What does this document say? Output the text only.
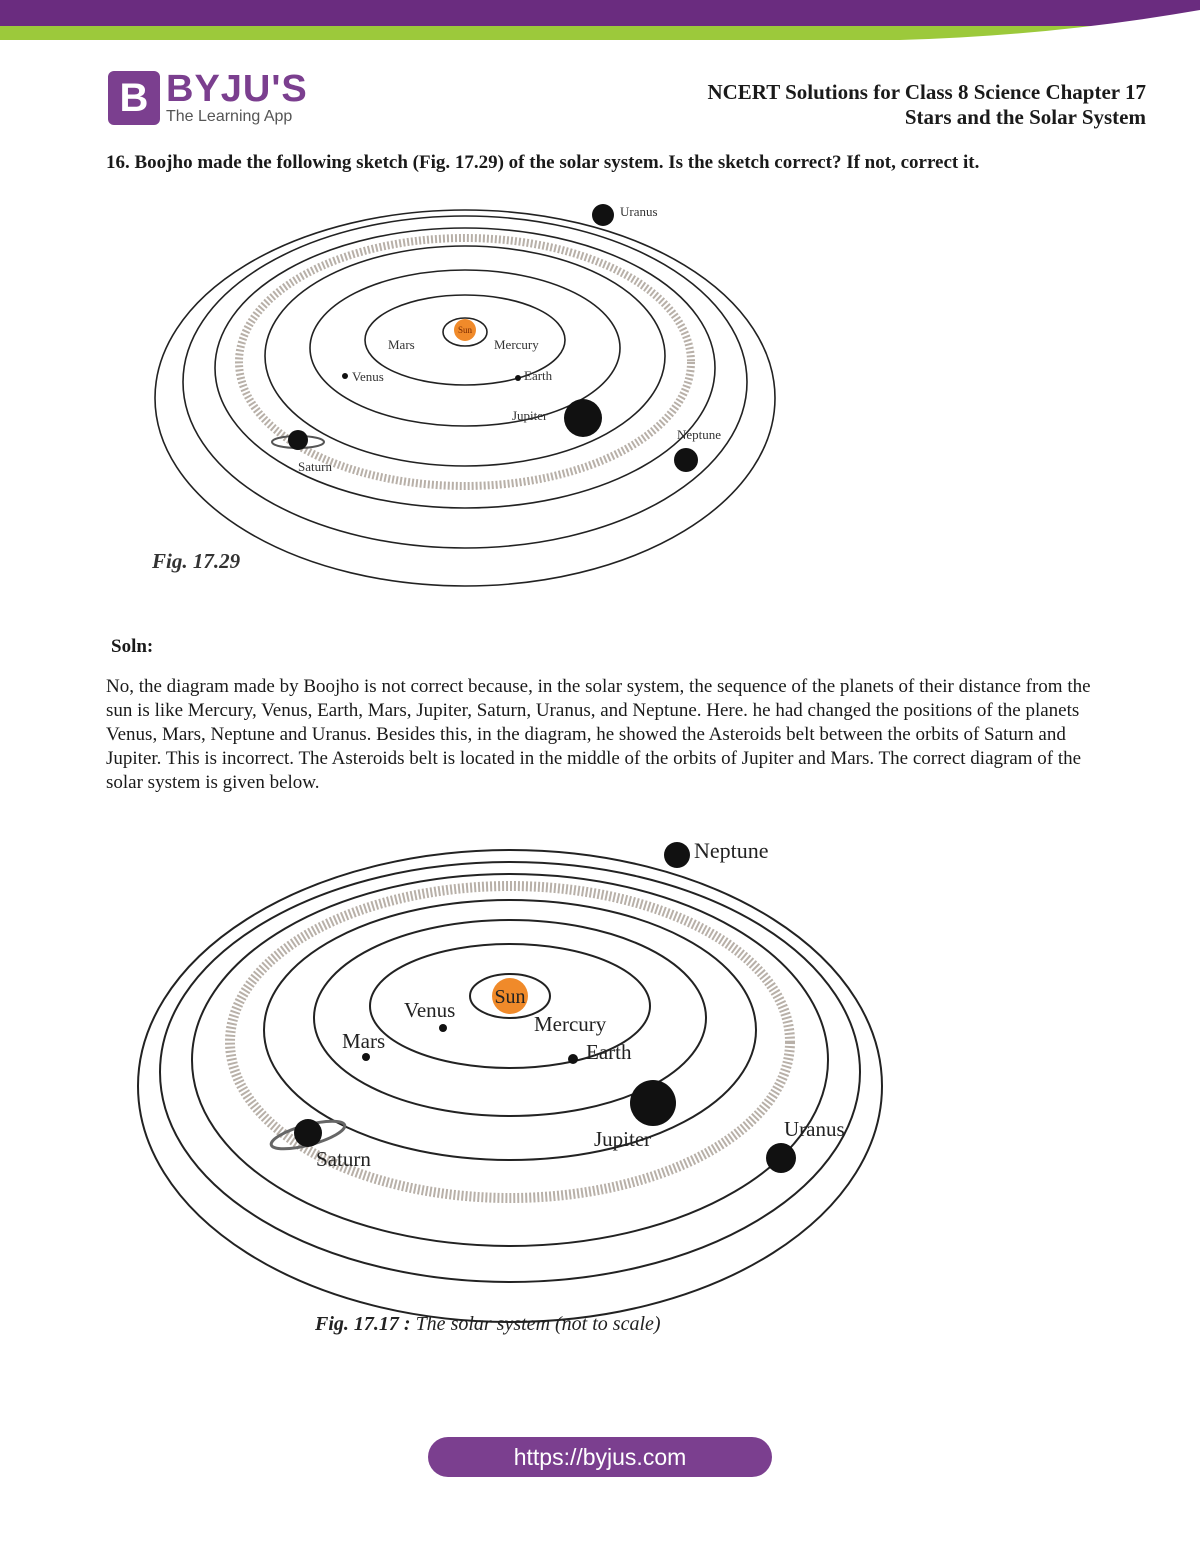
B BYJU'S
The Learning App
NCERT Solutions for Class 8 Science Chapter 17
Stars and the Solar System
16. Boojho made the following sketch (Fig. 17.29) of the solar system. Is the sketch correct? If not, correct it.
Sun
Uranus
Mars	Mercury
Venus	Earth
Jupiter
Neptune
Saturn
Fig. 17.29
Soln:
No, the diagram made by Boojho is not correct because, in the solar system, the sequence of the planets of their distance from the sun is like Mercury, Venus, Earth, Mars, Jupiter, Saturn, Uranus, and Neptune. Here. he had changed the positions of the planets Venus, Mars, Neptune and Uranus. Besides this, in the diagram, he showed the Asteroids belt between the orbits of Saturn and Jupiter. This is incorrect. The Asteroids belt is located in the middle of the orbits of Jupiter and Mars. The correct diagram of the solar system is given below.
Sun
Neptune
Venus
Mercury
Mars	Earth
Jupiter	Uranus
Saturn
Fig. 17.17 : The solar system (not to scale)
https://byjus.com
